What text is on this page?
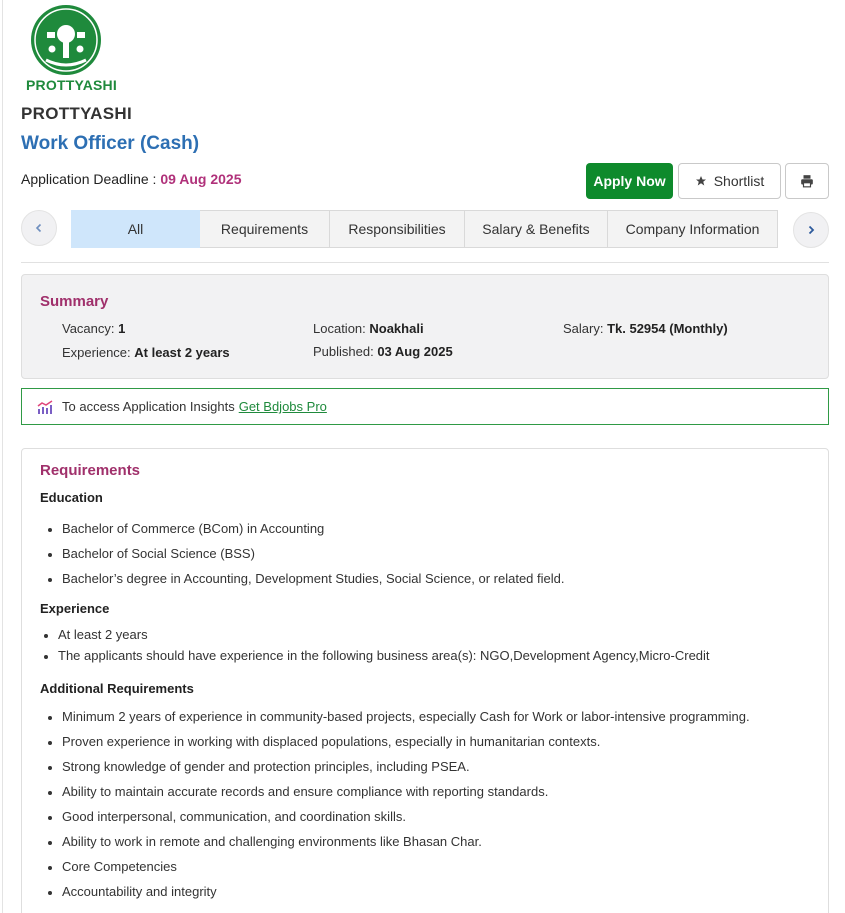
PROTTYASHI
PROTTYASHI
Work Officer (Cash)
Application Deadline : 09 Aug 2025	Apply Now	Shortlist
All	Requirements	Responsibilities	Salary & Benefits	Company Information
Summary
Vacancy: 1	Location: Noakhali	Salary: Tk. 52954 (Monthly)
Experience: At least 2 years	Published: 03 Aug 2025
To access Application Insights Get Bdjobs Pro
Requirements
Education
Bachelor of Commerce (BCom) in Accounting
Bachelor of Social Science (BSS)
Bachelor’s degree in Accounting, Development Studies, Social Science, or related field.
Experience
At least 2 years
The applicants should have experience in the following business area(s): NGO,Development Agency,Micro-Credit
Additional Requirements
Minimum 2 years of experience in community-based projects, especially Cash for Work or labor-intensive programming.
Proven experience in working with displaced populations, especially in humanitarian contexts.
Strong knowledge of gender and protection principles, including PSEA.
Ability to maintain accurate records and ensure compliance with reporting standards.
Good interpersonal, communication, and coordination skills.
Ability to work in remote and challenging environments like Bhasan Char.
Core Competencies
Accountability and integrity
